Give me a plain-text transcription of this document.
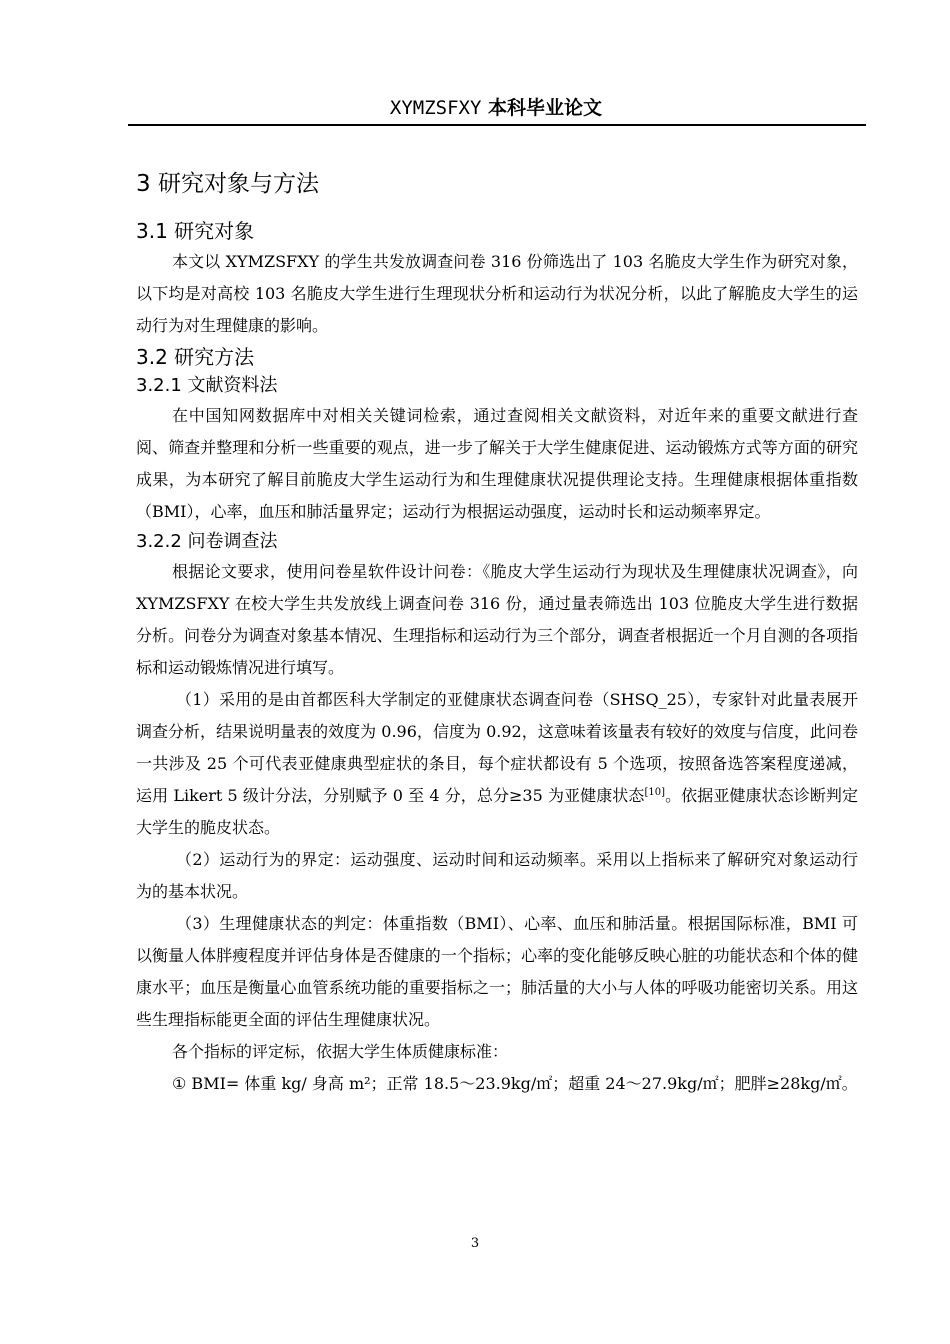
XYMZSFXY 本科毕业论文
3 研究对象与方法
3.1 研究对象

本文以 XYMZSFXY 的学生共发放调查问卷 316 份筛选出了 103 名脆皮大学生作为研究对象，以下均是对高校 103 名脆皮大学生进行生理现状分析和运动行为状况分析，以此了解脆皮大学生的运动行为对生理健康的影响。

3.2 研究方法
3.2.1 文献资料法

在中国知网数据库中对相关关键词检索，通过查阅相关文献资料，对近年来的重要文献进行查阅、筛查并整理和分析一些重要的观点，进一步了解关于大学生健康促进、运动锻炼方式等方面的研究成果，为本研究了解目前脆皮大学生运动行为和生理健康状况提供理论支持。生理健康根据体重指数（BMI），心率，血压和肺活量界定；运动行为根据运动强度，运动时长和运动频率界定。

3.2.2 问卷调查法

根据论文要求，使用问卷星软件设计问卷：《脆皮大学生运动行为现状及生理健康状况调查》，向 XYMZSFXY 在校大学生共发放线上调查问卷 316 份，通过量表筛选出 103 位脆皮大学生进行数据分析。问卷分为调查对象基本情况、生理指标和运动行为三个部分，调查者根据近一个月自测的各项指标和运动锻炼情况进行填写。

（1）采用的是由首都医科大学制定的亚健康状态调查问卷（SHSQ_25），专家针对此量表展开调查分析，结果说明量表的效度为 0.96，信度为 0.92，这意味着该量表有较好的效度与信度，此问卷一共涉及 25 个可代表亚健康典型症状的条目，每个症状都设有 5 个选项，按照备选答案程度递减，运用 Likert 5 级计分法，分别赋予 0 至 4 分，总分≥35 为亚健康状态[10]。依据亚健康状态诊断判定大学生的脆皮状态。

（2）运动行为的界定：运动强度、运动时间和运动频率。采用以上指标来了解研究对象运动行为的基本状况。

（3）生理健康状态的判定：体重指数（BMI）、心率、血压和肺活量。根据国际标准，BMI 可以衡量人体胖瘦程度并评估身体是否健康的一个指标；心率的变化能够反映心脏的功能状态和个体的健康水平；血压是衡量心血管系统功能的重要指标之一；肺活量的大小与人体的呼吸功能密切关系。用这些生理指标能更全面的评估生理健康状况。

各个指标的评定标，依据大学生体质健康标准：

① BMI= 体重 kg/ 身高 m²；正常 18.5～23.9kg/㎡；超重 24～27.9kg/㎡；肥胖≥28kg/㎡。

3
